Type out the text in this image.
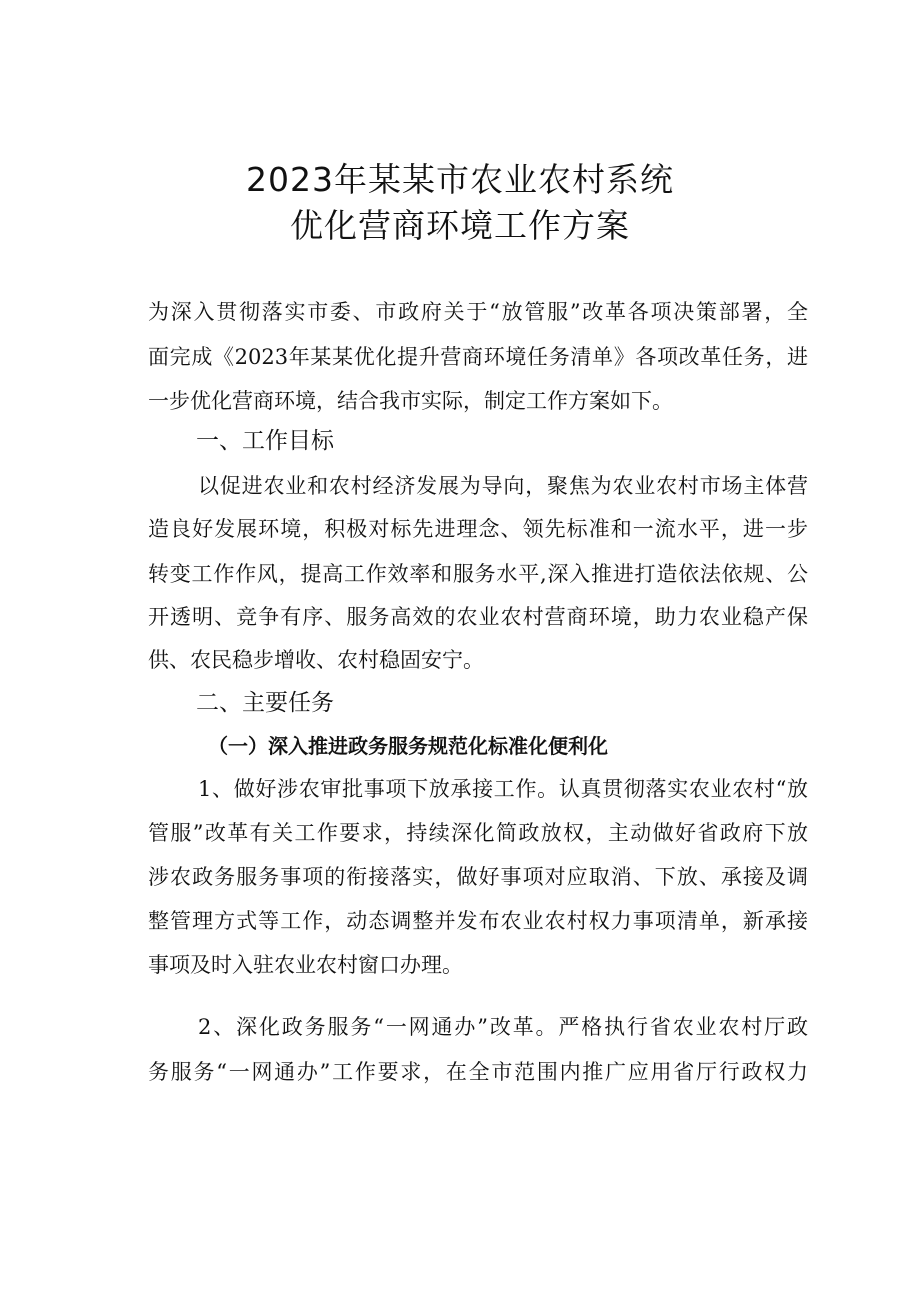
2023年某某市农业农村系统
优化营商环境工作方案
为深入贯彻落实市委、市政府关于“放管服”改革各项决策部署，全
面完成《2023年某某优化提升营商环境任务清单》各项改革任务，进
一步优化营商环境，结合我市实际，制定工作方案如下。
一、工作目标
以促进农业和农村经济发展为导向，聚焦为农业农村市场主体营
造良好发展环境，积极对标先进理念、领先标准和一流水平，进一步
转变工作作风，提高工作效率和服务水平,深入推进打造依法依规、公
开透明、竞争有序、服务高效的农业农村营商环境，助力农业稳产保
供、农民稳步增收、农村稳固安宁。
二、主要任务
（一）深入推进政务服务规范化标准化便利化
1、做好涉农审批事项下放承接工作。认真贯彻落实农业农村“放
管服”改革有关工作要求，持续深化简政放权，主动做好省政府下放
涉农政务服务事项的衔接落实，做好事项对应取消、下放、承接及调
整管理方式等工作，动态调整并发布农业农村权力事项清单，新承接
事项及时入驻农业农村窗口办理。
2、深化政务服务“一网通办”改革。严格执行省农业农村厅政
务服务“一网通办”工作要求，在全市范围内推广应用省厅行政权力
